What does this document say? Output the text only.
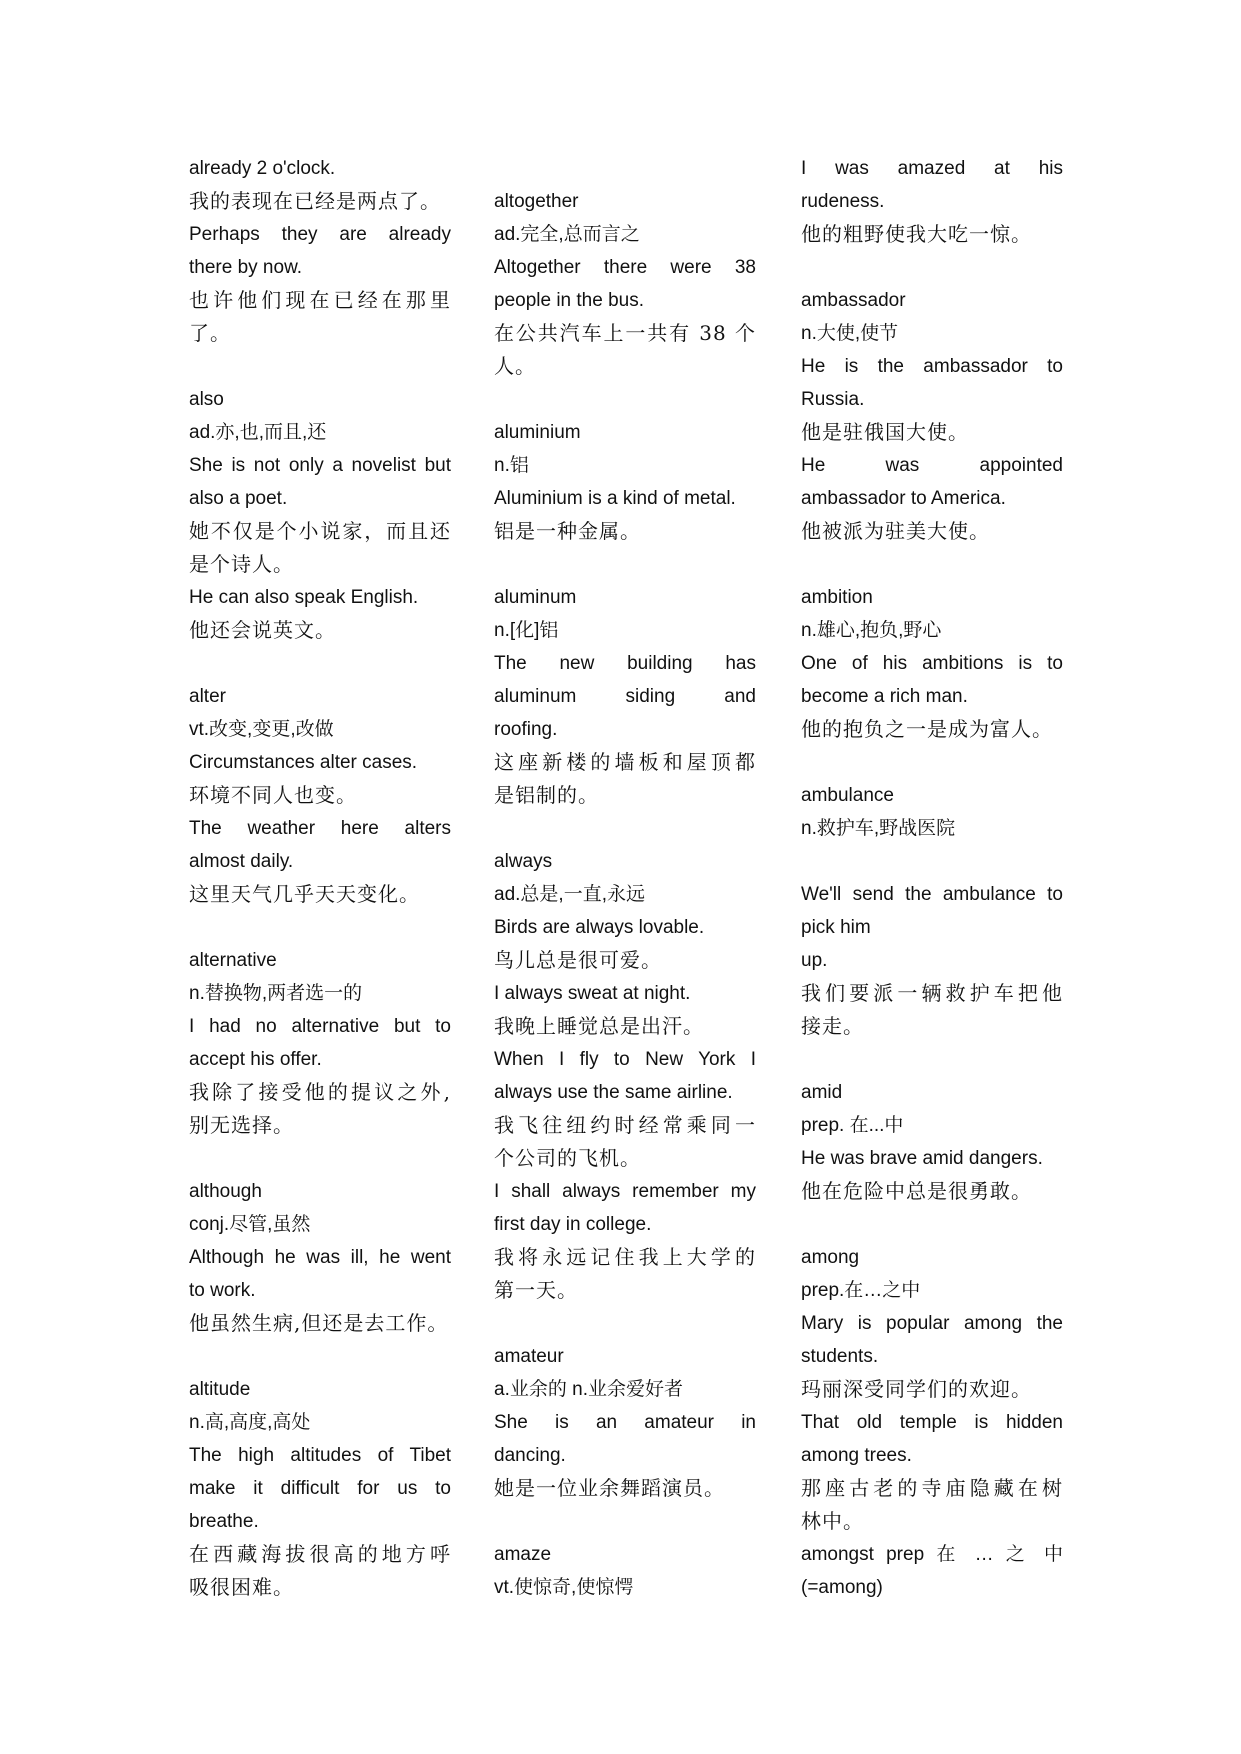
already 2 o'clock.
我的表现在已经是两点了。
Perhaps they are already
there by now.
也许他们现在已经在那里
了。
also
ad.亦,也,而且,还
She is not only a novelist but
also a poet.
她不仅是个小说家，而且还
是个诗人。
He can also speak English.
他还会说英文。
alter
vt.改变,变更,改做
Circumstances alter cases.
环境不同人也变。
The weather here alters
almost daily.
这里天气几乎天天变化。
alternative
n.替换物,两者选一的
I had no alternative but to
accept his offer.
我除了接受他的提议之外,
别无选择。
although
conj.尽管,虽然
Although he was ill, he went
to work.
他虽然生病,但还是去工作。
altitude
n.高,高度,高处
The high altitudes of Tibet
make it difficult for us to
breathe.
在西藏海拔很高的地方呼
吸很困难。
altogether
ad.完全,总而言之
Altogether there were 38
people in the bus.
在公共汽车上一共有 38 个
人。
aluminium
n.铝
Aluminium is a kind of metal.
铝是一种金属。
aluminum
n.[化]铝
The new building has
aluminum siding and
roofing.
这座新楼的墙板和屋顶都
是铝制的。
always
ad.总是,一直,永远
Birds are always lovable.
鸟儿总是很可爱。
I always sweat at night.
我晚上睡觉总是出汗。
When I fly to New York I
always use the same airline.
我飞往纽约时经常乘同一
个公司的飞机。
I shall always remember my
first day in college.
我将永远记住我上大学的
第一天。
amateur
a.业余的 n.业余爱好者
She is an amateur in
dancing.
她是一位业余舞蹈演员。
amaze
vt.使惊奇,使惊愕
I was amazed at his
rudeness.
他的粗野使我大吃一惊。
ambassador
n.大使,使节
He is the ambassador to
Russia.
他是驻俄国大使。
He was appointed
ambassador to America.
他被派为驻美大使。
ambition
n.雄心,抱负,野心
One of his ambitions is to
become a rich man.
他的抱负之一是成为富人。
ambulance
n.救护车,野战医院
We'll send the ambulance to
pick him
up.
我们要派一辆救护车把他
接走。
amid
prep. 在...中
He was brave amid dangers.
他在危险中总是很勇敢。
among
prep.在…之中
Mary is popular among the
students.
玛丽深受同学们的欢迎。
That old temple is hidden
among trees.
那座古老的寺庙隐藏在树
林中。
amongst prep 在 … 之 中
(=among)
